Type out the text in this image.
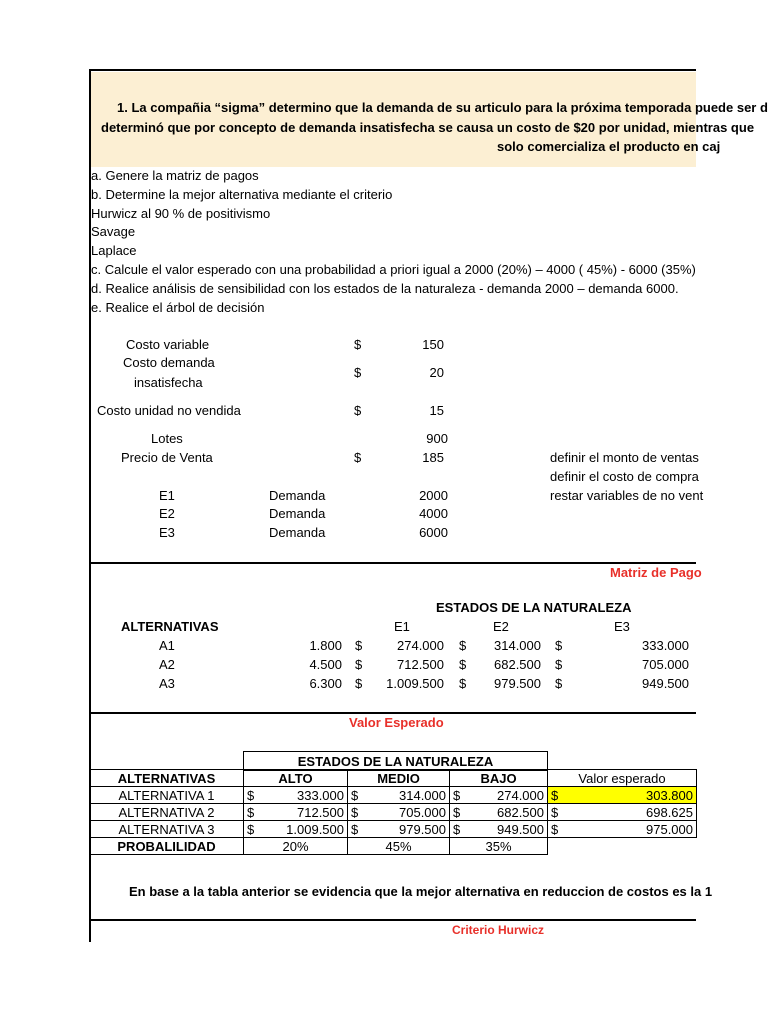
1. La compañia “sigma” determino que la demanda de su articulo para la próxima temporada puede ser d
determinó que por concepto de demanda insatisfecha se causa un costo de $20 por unidad, mientras que
solo comercializa el producto en caj
a. Genere la matriz de pagos
b. Determine la mejor alternativa mediante el criterio
Hurwicz al 90 % de positivismo
Savage
Laplace
c. Calcule el valor esperado con una probabilidad a priori igual a 2000 (20%) – 4000 ( 45%) - 6000 (35%)
d. Realice análisis de sensibilidad con los estados de la naturaleza - demanda 2000 – demanda 6000.
e. Realice el árbol de decisión
Costo variable	$	150
Costo demanda
insatisfecha
$	20
Costo unidad no vendida	$	15
Lotes	900
Precio de Venta	$	185	definir el monto de ventas
definir el costo de compra
restar variables de no vent
E1	Demanda	2000
E2	Demanda	4000
E3	Demanda	6000
Matriz de Pago
ESTADOS DE LA NATURALEZA
ALTERNATIVAS	E1	E2	E3
A1	1.800 $	274.000 $	314.000 $	333.000
A2	4.500 $	712.500 $	682.500 $	705.000
A3	6.300 $	1.009.500 $	979.500 $	949.500
Valor Esperado
ESTADOS DE LA NATURALEZA
ALTERNATIVAS	ALTO	MEDIO	BAJO	Valor esperado
ALTERNATIVA 1	$ 333.000	$ 314.000	$ 274.000	$ 303.800

ALTERNATIVA 2	$ 712.500	$ 705.000	$ 682.500	$ 698.625

ALTERNATIVA 3	$ 1.009.500	$ 979.500	$ 949.500	$ 975.000

PROBALILIDAD	20%	45%	35%	
En base a la tabla anterior se evidencia que la mejor alternativa en reduccion de costos es la 1
Criterio Hurwicz
